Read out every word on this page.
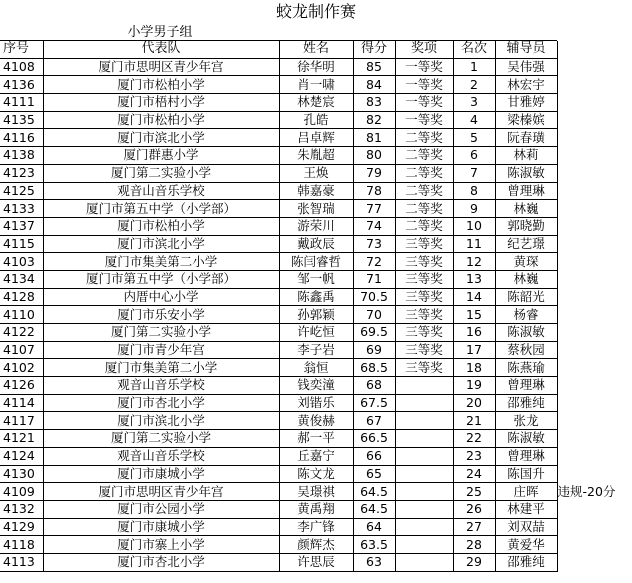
蛟龙制作赛
小学男子组
序号	代表队	姓名	得分	奖项	名次	辅导员	
4108	厦门市思明区青少年宫	徐华明	85	一等奖	1	吴伟强	
4136	厦门市松柏小学	肖一啸	84	一等奖	2	林宏宇	
4111	厦门市梧村小学	林楚宸	83	一等奖	3	甘雅婷	
4135	厦门市松柏小学	孔皓	82	一等奖	4	梁榛嫔	
4116	厦门市滨北小学	吕卓辉	81	二等奖	5	阮春璜	
4138	厦门群惠小学	朱胤超	80	二等奖	6	林莉	
4123	厦门第二实验小学	王焕	79	二等奖	7	陈淑敏	
4125	观音山音乐学校	韩嘉豪	78	二等奖	8	曾理琳	
4133	厦门市第五中学（小学部）	张智瑞	77	二等奖	9	林巍	
4137	厦门市松柏小学	游荣川	74	二等奖	10	郭晓勤	
4115	厦门市滨北小学	戴政辰	73	三等奖	11	纪艺璟	
4103	厦门市集美第二小学	陈闫睿哲	72	三等奖	12	黄琛	
4134	厦门市第五中学（小学部）	邹一帆	71	三等奖	13	林巍	
4128	内厝中心小学	陈鑫禹	70.5	三等奖	14	陈韶光	
4110	厦门市乐安小学	孙郭颖	70	三等奖	15	杨睿	
4122	厦门第二实验小学	许屹恒	69.5	三等奖	16	陈淑敏	
4107	厦门市青少年宫	李子岩	69	三等奖	17	蔡秋园	
4102	厦门市集美第二小学	翁恒	68.5	三等奖	18	陈燕瑜	
4126	观音山音乐学校	钱奕潼	68		19	曾理琳	
4114	厦门市杏北小学	刘锴乐	67.5		20	邵雅纯	
4117	厦门市滨北小学	黄俊赫	67		21	张龙	
4121	厦门第二实验小学	郝一平	66.5		22	陈淑敏	
4124	观音山音乐学校	丘嘉宁	66		23	曾理琳	
4130	厦门市康城小学	陈文龙	65		24	陈国升	
4109	厦门市思明区青少年宫	吴璟祺	64.5		25	庄晖	违规-20分
4132	厦门市公园小学	黄禹翔	64.5		26	林建平	
4129	厦门市康城小学	李广锋	64		27	刘双喆	
4118	厦门市寨上小学	颜辉杰	63.5		28	黄爱华	
4113	厦门市杏北小学	许思辰	63		29	邵雅纯	
